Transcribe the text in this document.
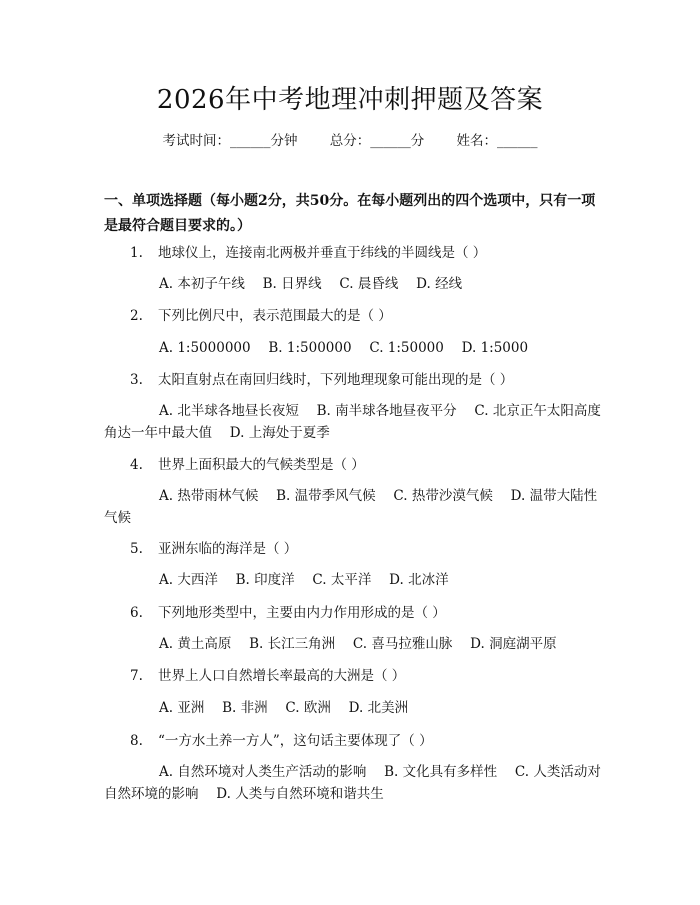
2026年中考地理冲刺押题及答案
考试时间：______分钟 总分：______分 姓名：______
一、单项选择题（每小题2分，共50分。在每小题列出的四个选项中，只有一项是最符合题目要求的。）
1. 地球仪上，连接南北两极并垂直于纬线的半圆线是（ ）
A. 本初子午线　 B. 日界线　 C. 晨昏线　 D. 经线
2. 下列比例尺中，表示范围最大的是（ ）
A. 1:5000000　 B. 1:500000　 C. 1:50000　 D. 1:5000
3. 太阳直射点在南回归线时，下列地理现象可能出现的是（ ）
A. 北半球各地昼长夜短　 B. 南半球各地昼夜平分　 C. 北京正午太阳高度角达一年中最大值　 D. 上海处于夏季
4. 世界上面积最大的气候类型是（ ）
A. 热带雨林气候　 B. 温带季风气候　 C. 热带沙漠气候　 D. 温带大陆性气候
5. 亚洲东临的海洋是（ ）
A. 大西洋　 B. 印度洋　 C. 太平洋　 D. 北冰洋
6. 下列地形类型中，主要由内力作用形成的是（ ）
A. 黄土高原　 B. 长江三角洲　 C. 喜马拉雅山脉　 D. 洞庭湖平原
7. 世界上人口自然增长率最高的大洲是（ ）
A. 亚洲　 B. 非洲　 C. 欧洲　 D. 北美洲
8. “一方水土养一方人”，这句话主要体现了（ ）
A. 自然环境对人类生产活动的影响　 B. 文化具有多样性　 C. 人类活动对自然环境的影响　 D. 人类与自然环境和谐共生
